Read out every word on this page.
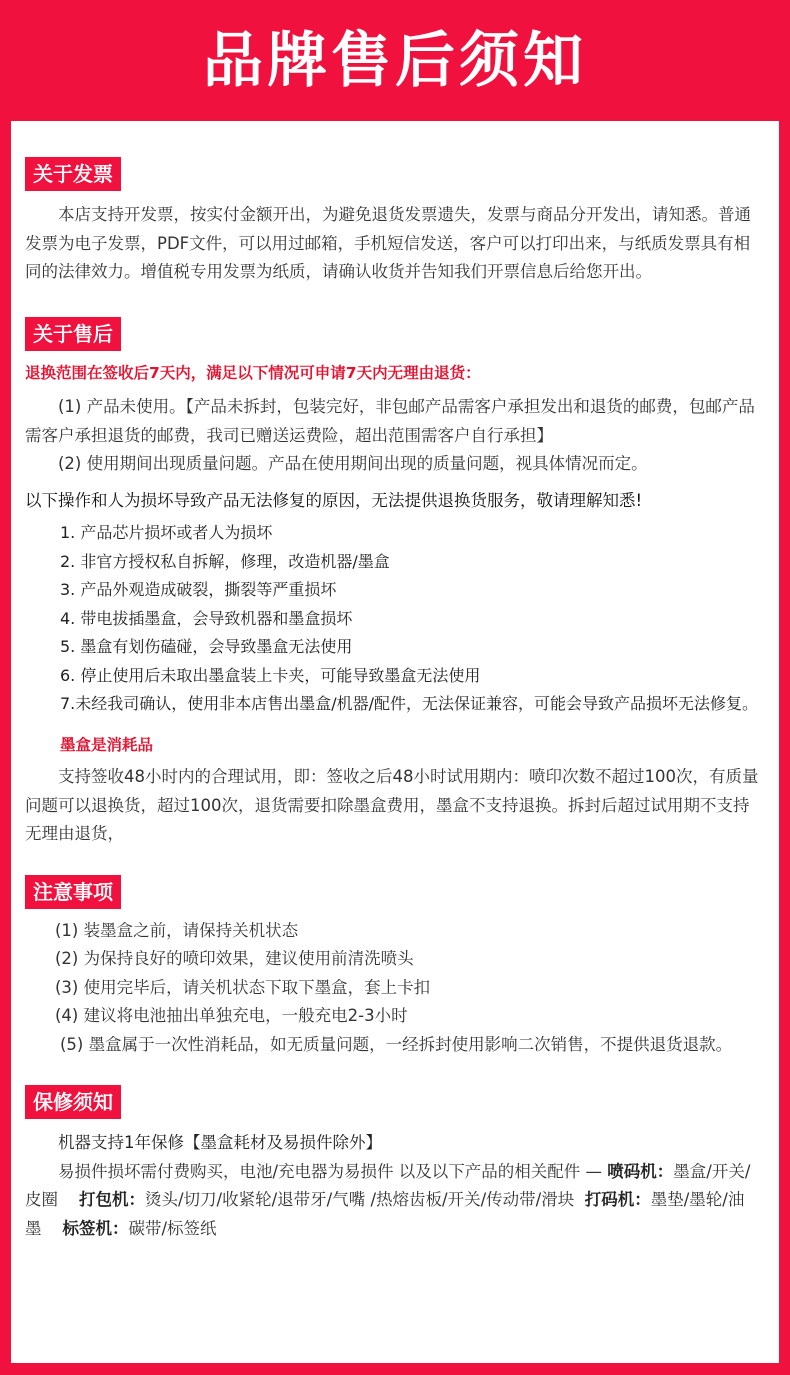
品牌售后须知
关于发票

本店支持开发票，按实付金额开出，为避免退货发票遗失，发票与商品分开发出，请知悉。普通发票为电子发票，PDF文件，可以用过邮箱，手机短信发送，客户可以打印出来，与纸质发票具有相同的法律效力。增值税专用发票为纸质，请确认收货并告知我们开票信息后给您开出。

关于售后

退换范围在签收后7天内，满足以下情况可申请7天内无理由退货：

(1) 产品未使用。【产品未拆封，包装完好，非包邮产品需客户承担发出和退货的邮费，包邮产品需客户承担退货的邮费，我司已赠送运费险，超出范围需客户自行承担】

(2) 使用期间出现质量问题。产品在使用期间出现的质量问题，视具体情况而定。

以下操作和人为损坏导致产品无法修复的原因，无法提供退换货服务，敬请理解知悉!

1. 产品芯片损坏或者人为损坏

2. 非官方授权私自拆解，修理，改造机器/墨盒

3. 产品外观造成破裂，撕裂等严重损坏

4. 带电拔插墨盒，会导致机器和墨盒损坏

5. 墨盒有划伤磕碰，会导致墨盒无法使用

6. 停止使用后未取出墨盒装上卡夹，可能导致墨盒无法使用

7.未经我司确认，使用非本店售出墨盒/机器/配件，无法保证兼容，可能会导致产品损坏无法修复。

墨盒是消耗品

支持签收48小时内的合理试用，即：签收之后48小时试用期内：喷印次数不超过100次，有质量问题可以退换货，超过100次，退货需要扣除墨盒费用，墨盒不支持退换。拆封后超过试用期不支持无理由退货，

注意事项

(1) 装墨盒之前，请保持关机状态

(2) 为保持良好的喷印效果，建议使用前清洗喷头

(3) 使用完毕后，请关机状态下取下墨盒，套上卡扣

(4) 建议将电池抽出单独充电，一般充电2-3小时

(5) 墨盒属于一次性消耗品，如无质量问题，一经拆封使用影响二次销售，不提供退货退款。

保修须知

机器支持1年保修【墨盒耗材及易损件除外】

易损件损坏需付费购买，电池/充电器为易损件 以及以下产品的相关配件 — 喷码机：墨盒/开关/皮圈 打包机：烫头/切刀/收紧轮/退带牙/气嘴 /热熔齿板/开关/传动带/滑块 打码机：墨垫/墨轮/油墨 标签机：碳带/标签纸
